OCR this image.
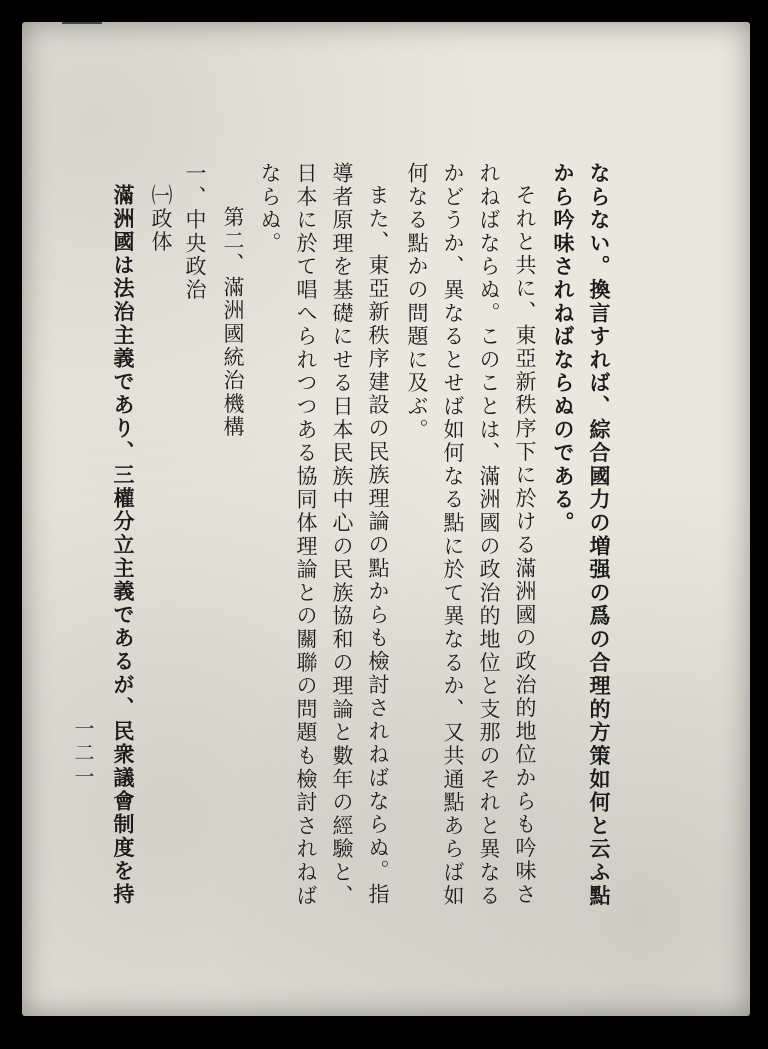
ならない。換言すれば、綜合國力の増强の爲の合理的方策如何と云ふ點
から吟味されねばならぬのである。
それと共に、東亞新秩序下に於ける滿洲國の政治的地位からも吟味さ
れねばならぬ。このことは、滿洲國の政治的地位と支那のそれと異なる
かどうか、異なるとせば如何なる點に於て異なるか、又共通點あらば如
何なる點かの問題に及ぶ。
また、東亞新秩序建設の民族理論の點からも檢討されねばならぬ。指
導者原理を基礎にせる日本民族中心の民族協和の理論と數年の經驗と、
日本に於て唱へられつつある協同体理論との關聯の問題も檢討されねば
ならぬ。
第二、滿洲國統治機構
一、中央政治
㈠政体
滿洲國は法治主義であり、三權分立主義であるが、民衆議會制度を持
一二一
